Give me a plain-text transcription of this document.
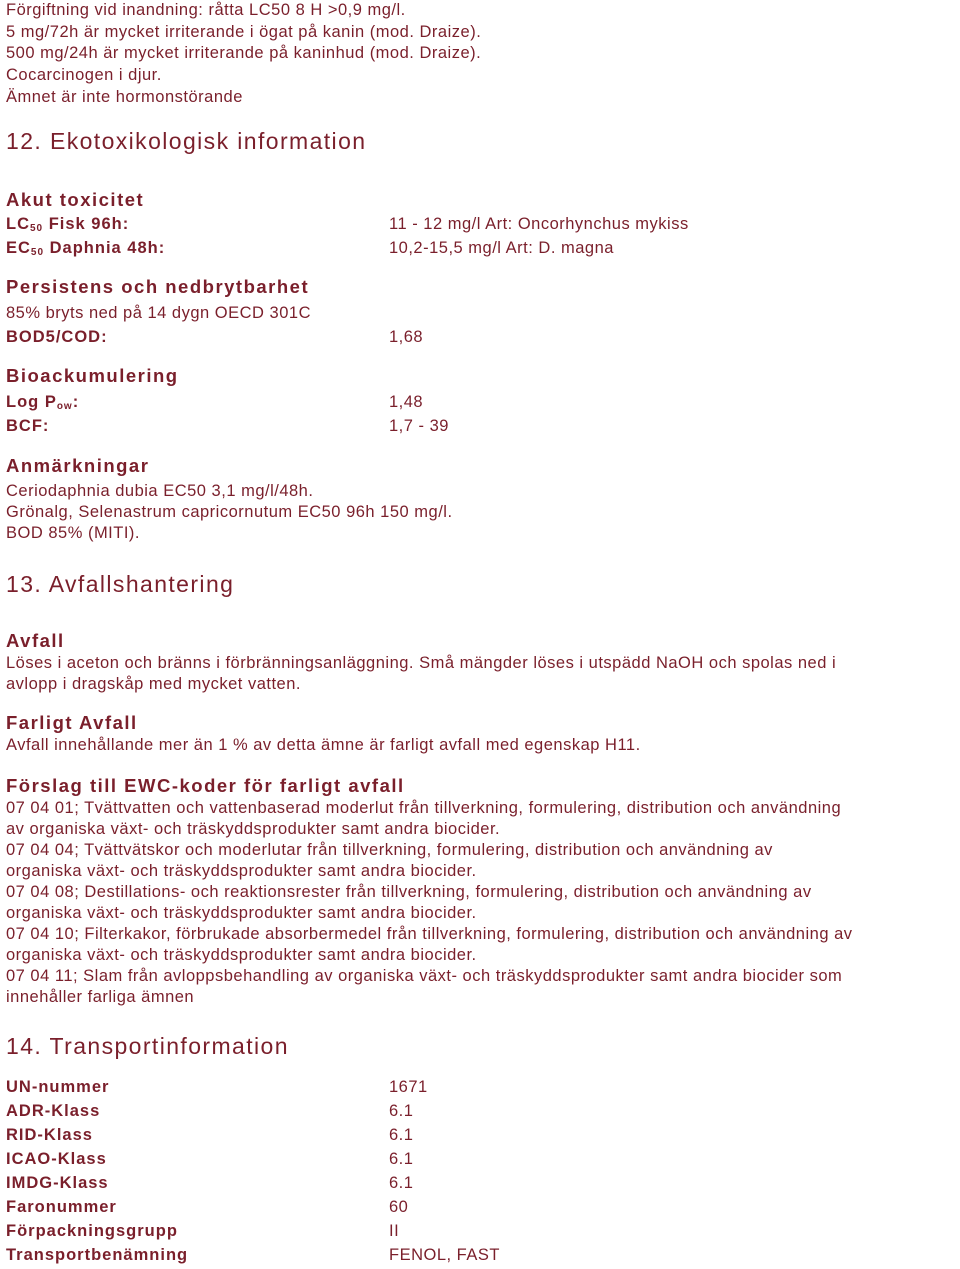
Förgiftning vid inandning: råtta LC50 8 H >0,9 mg/l.
5 mg/72h är mycket irriterande i ögat på kanin (mod. Draize).
500 mg/24h är mycket irriterande på kaninhud (mod. Draize).
Cocarcinogen i djur.
Ämnet är inte hormonstörande
12. Ekotoxikologisk information
Akut toxicitet
$LC_{50}$ Fisk 96h:	11 - 12 mg/l Art: Oncorhynchus mykiss
$EC_{50}$ Daphnia 48h:	10,2-15,5 mg/l Art: D. magna
Persistens och nedbrytbarhet
85% bryts ned på 14 dygn OECD 301C
BOD5/COD:	1,68
Bioackumulering
Log $P_{ow}$:	1,48
BCF:	1,7 - 39
Anmärkningar
Ceriodaphnia dubia EC50 3,1 mg/l/48h.
Grönalg, Selenastrum capricornutum EC50 96h 150 mg/l.
BOD 85% (MITI).
13. Avfallshantering
Avfall
Löses i aceton och bränns i förbränningsanläggning. Små mängder löses i utspädd NaOH och spolas ned i
avlopp i dragskåp med mycket vatten.
Farligt Avfall
Avfall innehållande mer än 1 % av detta ämne är farligt avfall med egenskap H11.
Förslag till EWC-koder för farligt avfall
07 04 01; Tvättvatten och vattenbaserad moderlut från tillverkning, formulering, distribution och användning
av organiska växt- och träskyddsprodukter samt andra biocider.
07 04 04; Tvättvätskor och moderlutar från tillverkning, formulering, distribution och användning av
organiska växt- och träskyddsprodukter samt andra biocider.
07 04 08; Destillations- och reaktionsrester från tillverkning, formulering, distribution och användning av
organiska växt- och träskyddsprodukter samt andra biocider.
07 04 10; Filterkakor, förbrukade absorbermedel från tillverkning, formulering, distribution och användning av
organiska växt- och träskyddsprodukter samt andra biocider.
07 04 11; Slam från avloppsbehandling av organiska växt- och träskyddsprodukter samt andra biocider som
innehåller farliga ämnen
14. Transportinformation
UN-nummer	1671
ADR-Klass	6.1
RID-Klass	6.1
ICAO-Klass	6.1
IMDG-Klass	6.1
Faronummer	60
Förpackningsgrupp	II
Transportbenämning	FENOL, FAST
